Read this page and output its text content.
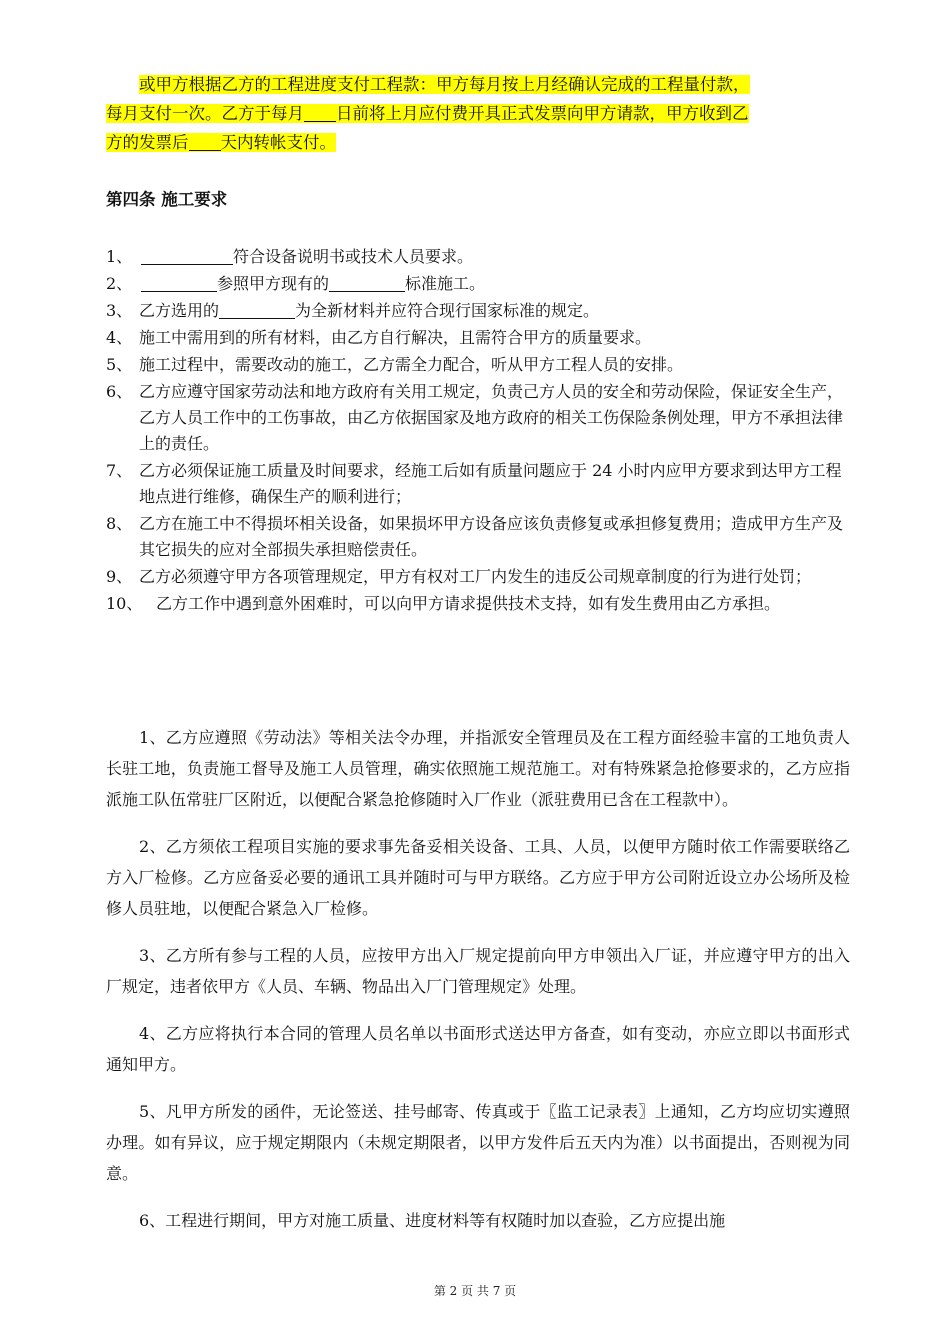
或甲方根据乙方的工程进度支付工程款：甲方每月按上月经确认完成的工程量付款，
每月支付一次。乙方于每月 日前将上月应付费开具正式发票向甲方请款，甲方收到乙
方的发票后 天内转帐支付。
第四条 施工要求
1、	符合设备说明书或技术人员要求。
2、	参照甲方现有的	标准施工。
3、 乙方选用的	为全新材料并应符合现行国家标准的规定。
4、 施工中需用到的所有材料，由乙方自行解决，且需符合甲方的质量要求。
5、 施工过程中，需要改动的施工，乙方需全力配合，听从甲方工程人员的安排。
6、 乙方应遵守国家劳动法和地方政府有关用工规定，负责己方人员的安全和劳动保险，保证安全生产，乙方人员工作中的工伤事故，由乙方依据国家及地方政府的相关工伤保险条例处理，甲方不承担法律上的责任。
7、 乙方必须保证施工质量及时间要求，经施工后如有质量问题应于 24 小时内应甲方要求到达甲方工程地点进行维修，确保生产的顺利进行；
8、 乙方在施工中不得损坏相关设备，如果损坏甲方设备应该负责修复或承担修复费用；造成甲方生产及其它损失的应对全部损失承担赔偿责任。
9、 乙方必须遵守甲方各项管理规定，甲方有权对工厂内发生的违反公司规章制度的行为进行处罚；
10、 乙方工作中遇到意外困难时，可以向甲方请求提供技术支持，如有发生费用由乙方承担。

1、乙方应遵照《劳动法》等相关法令办理，并指派安全管理员及在工程方面经验丰富的工地负责人长驻工地，负责施工督导及施工人员管理，确实依照施工规范施工。对有特殊紧急抢修要求的，乙方应指派施工队伍常驻厂区附近，以便配合紧急抢修随时入厂作业（派驻费用已含在工程款中）。

2、乙方须依工程项目实施的要求事先备妥相关设备、工具、人员，以便甲方随时依工作需要联络乙方入厂检修。乙方应备妥必要的通讯工具并随时可与甲方联络。乙方应于甲方公司附近设立办公场所及检修人员驻地，以便配合紧急入厂检修。

3、乙方所有参与工程的人员，应按甲方出入厂规定提前向甲方申领出入厂证，并应遵守甲方的出入厂规定，违者依甲方《人员、车辆、物品出入厂门管理规定》处理。

4、乙方应将执行本合同的管理人员名单以书面形式送达甲方备查，如有变动，亦应立即以书面形式通知甲方。

5、凡甲方所发的函件，无论签送、挂号邮寄、传真或于〖监工记录表〗上通知，乙方均应切实遵照办理。如有异议，应于规定期限内（未规定期限者，以甲方发件后五天内为准）以书面提出，否则视为同意。

6、工程进行期间，甲方对施工质量、进度材料等有权随时加以查验，乙方应提出施

第 2 页 共 7 页
